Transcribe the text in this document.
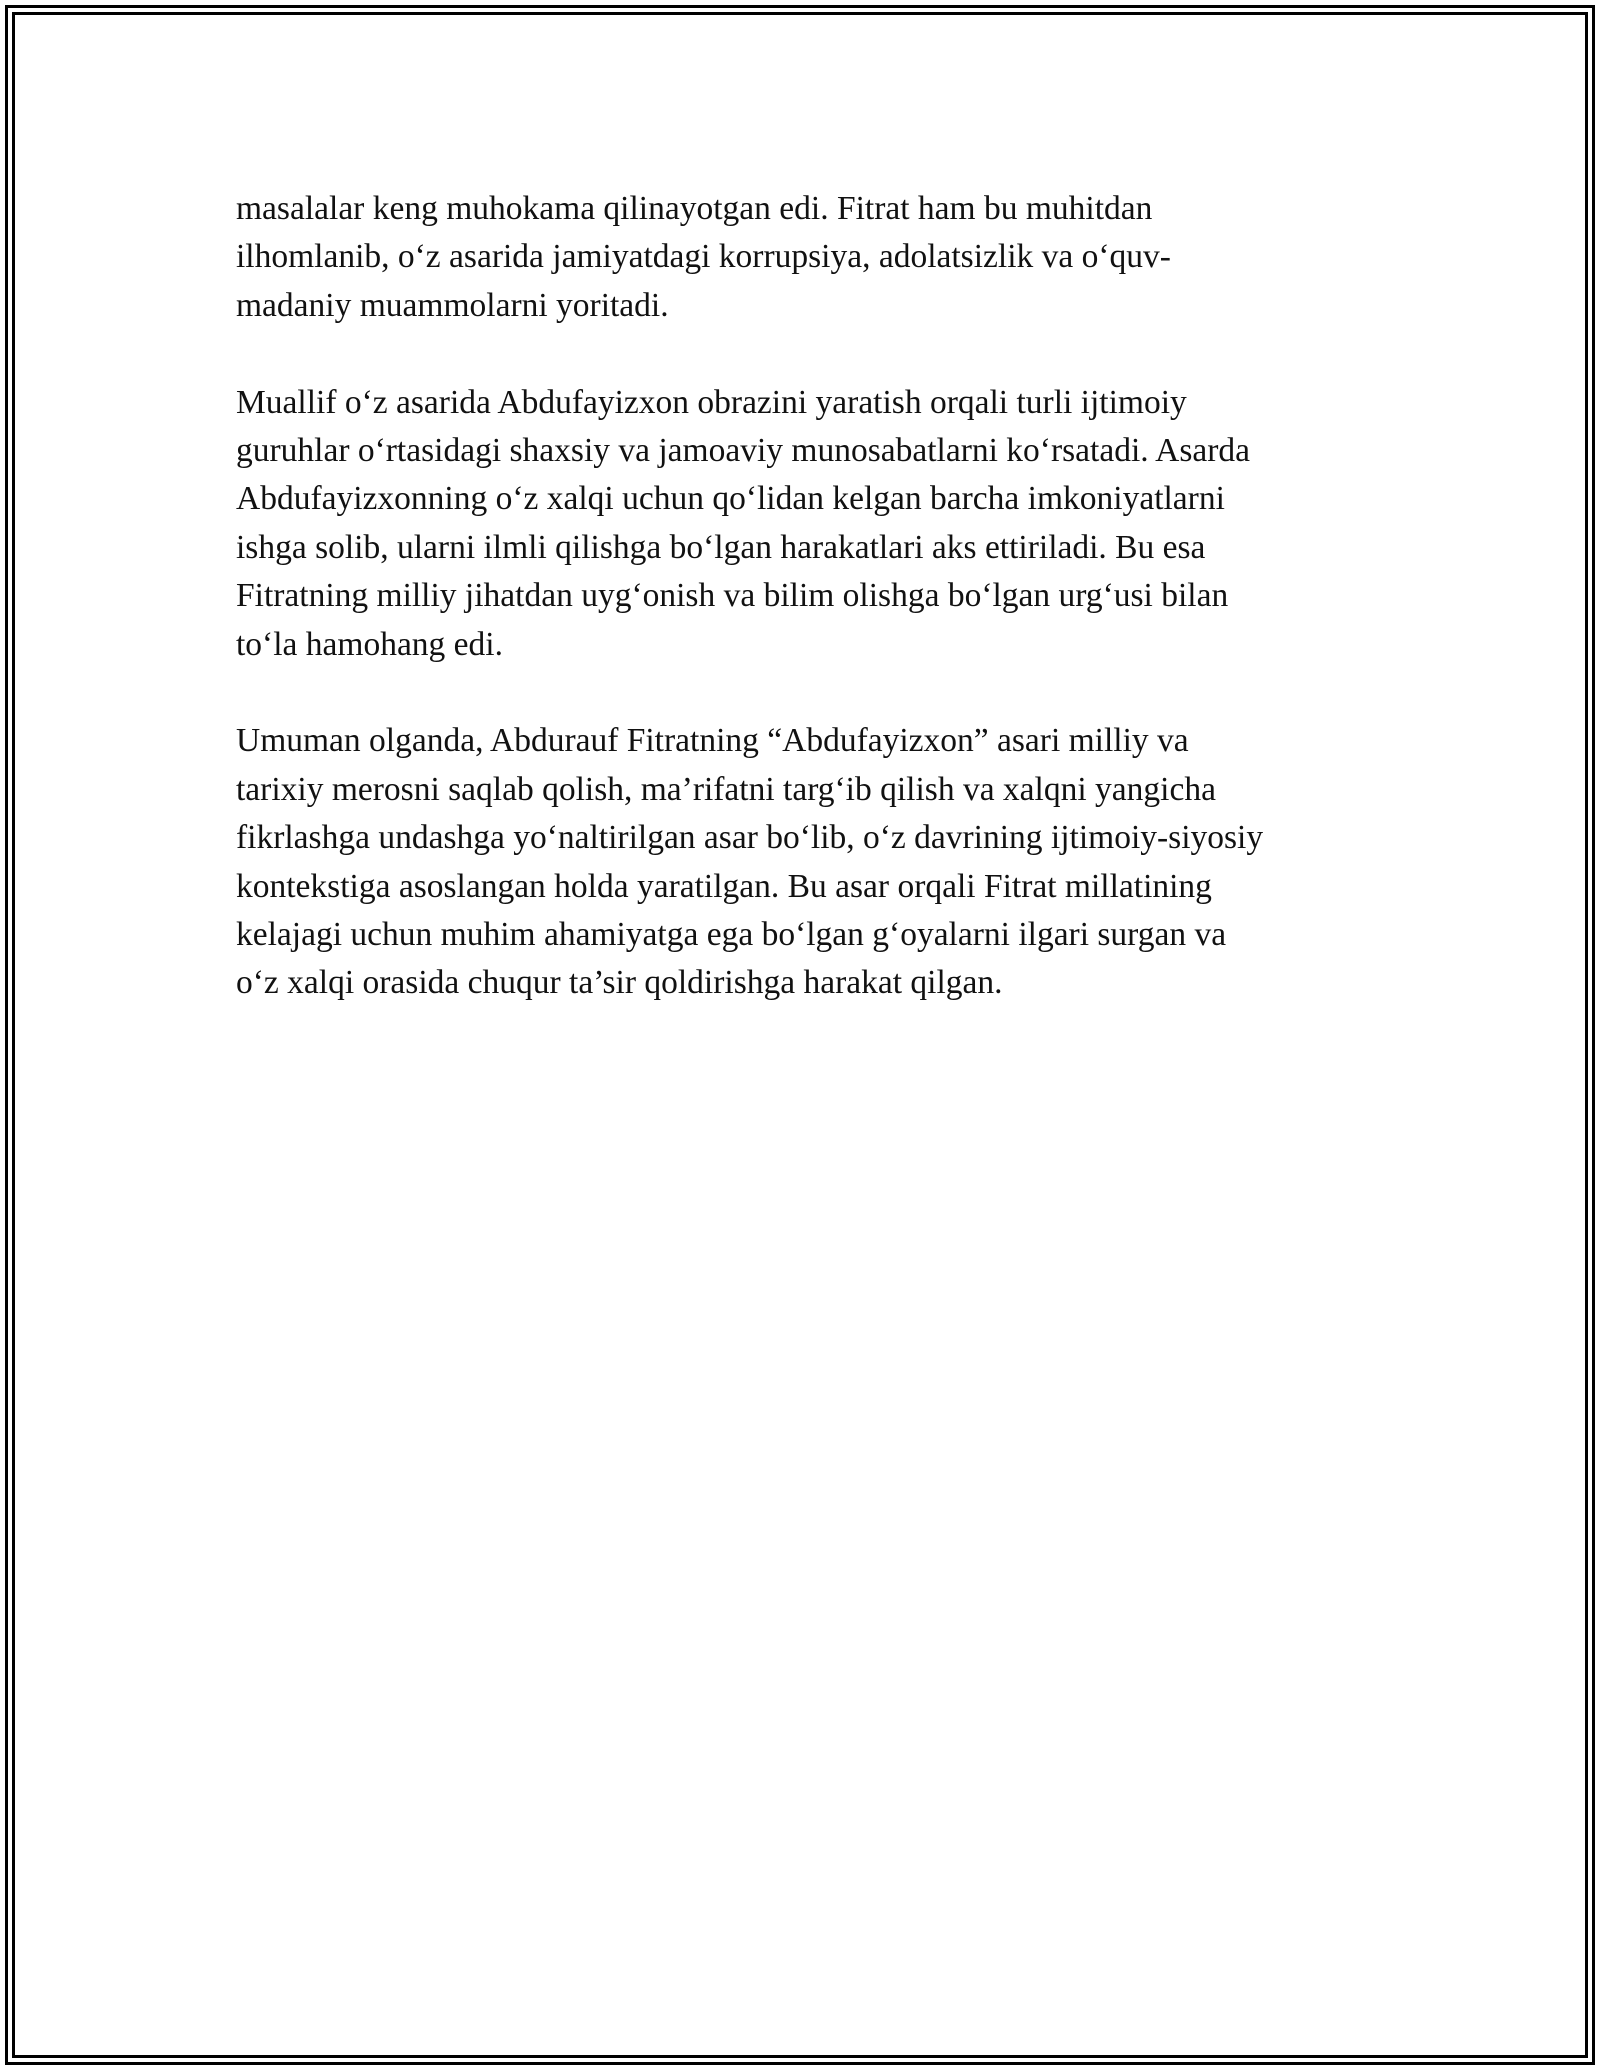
masalalar keng muhokama qilinayotgan edi. Fitrat ham bu muhitdan
ilhomlanib, o‘z asarida jamiyatdagi korrupsiya, adolatsizlik va o‘quv-
madaniy muammolarni yoritadi.

Muallif o‘z asarida Abdufayizxon obrazini yaratish orqali turli ijtimoiy
guruhlar o‘rtasidagi shaxsiy va jamoaviy munosabatlarni ko‘rsatadi. Asarda
Abdufayizxonning o‘z xalqi uchun qo‘lidan kelgan barcha imkoniyatlarni
ishga solib, ularni ilmli qilishga bo‘lgan harakatlari aks ettiriladi. Bu esa
Fitratning milliy jihatdan uyg‘onish va bilim olishga bo‘lgan urg‘usi bilan
to‘la hamohang edi.

Umuman olganda, Abdurauf Fitratning “Abdufayizxon” asari milliy va
tarixiy merosni saqlab qolish, ma’rifatni targ‘ib qilish va xalqni yangicha
fikrlashga undashga yo‘naltirilgan asar bo‘lib, o‘z davrining ijtimoiy-siyosiy
kontekstiga asoslangan holda yaratilgan. Bu asar orqali Fitrat millatining
kelajagi uchun muhim ahamiyatga ega bo‘lgan g‘oyalarni ilgari surgan va
o‘z xalqi orasida chuqur ta’sir qoldirishga harakat qilgan.
